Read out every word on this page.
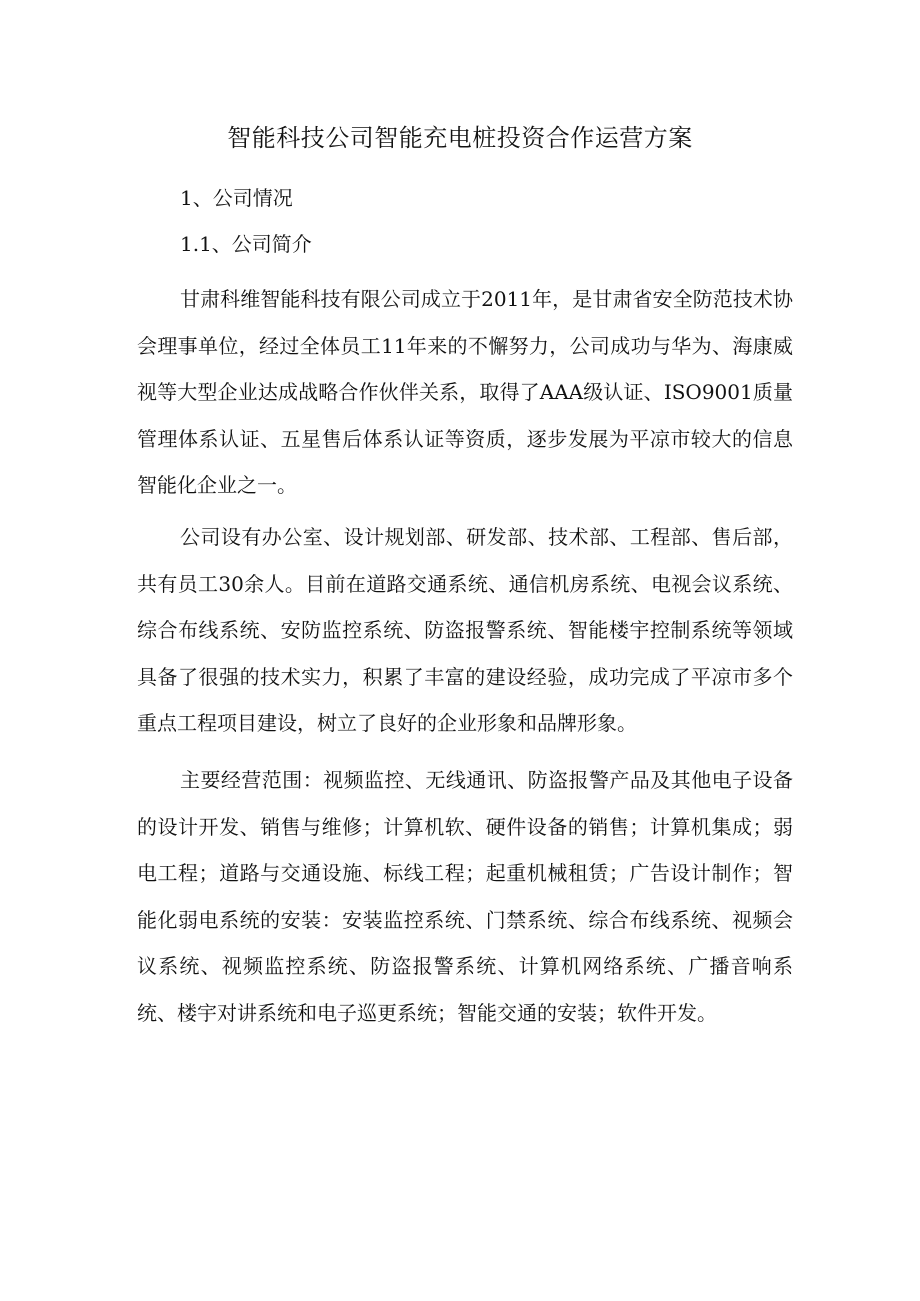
智能科技公司智能充电桩投资合作运营方案
1、公司情况
1.1、公司简介

甘肃科维智能科技有限公司成立于2011年，是甘肃省安全防范技术协会理事单位，经过全体员工11年来的不懈努力，公司成功与华为、海康威视等大型企业达成战略合作伙伴关系，取得了AAA级认证、ISO9001质量管理体系认证、五星售后体系认证等资质，逐步发展为平凉市较大的信息智能化企业之一。

公司设有办公室、设计规划部、研发部、技术部、工程部、售后部，共有员工30余人。目前在道路交通系统、通信机房系统、电视会议系统、综合布线系统、安防监控系统、防盗报警系统、智能楼宇控制系统等领域具备了很强的技术实力，积累了丰富的建设经验，成功完成了平凉市多个重点工程项目建设，树立了良好的企业形象和品牌形象。

主要经营范围：视频监控、无线通讯、防盗报警产品及其他电子设备的设计开发、销售与维修；计算机软、硬件设备的销售；计算机集成；弱电工程；道路与交通设施、标线工程；起重机械租赁；广告设计制作；智能化弱电系统的安装：安装监控系统、门禁系统、综合布线系统、视频会议系统、视频监控系统、防盗报警系统、计算机网络系统、广播音响系统、楼宇对讲系统和电子巡更系统；智能交通的安装；软件开发。
